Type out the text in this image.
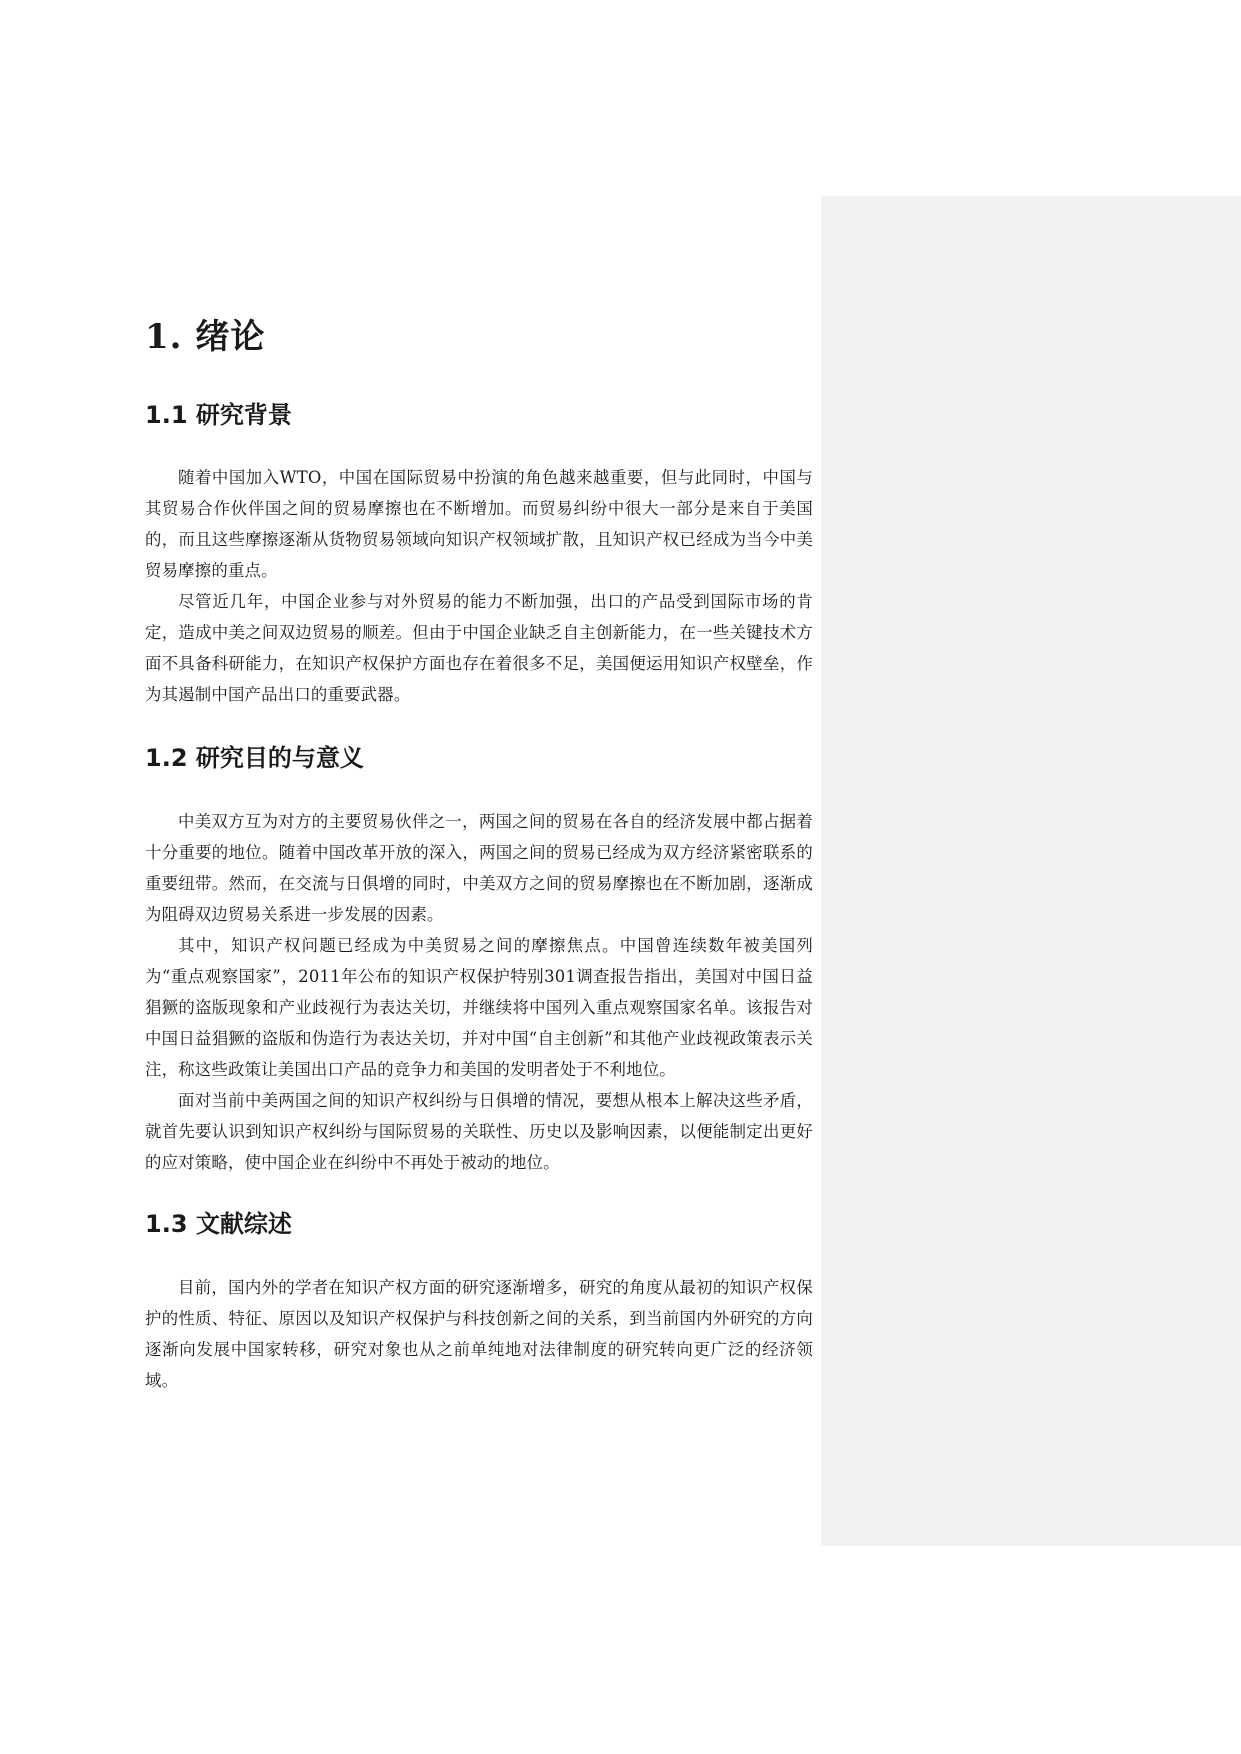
1. 绪论
1.1 研究背景

随着中国加入WTO，中国在国际贸易中扮演的角色越来越重要，但与此同时，中国与其贸易合作伙伴国之间的贸易摩擦也在不断增加。而贸易纠纷中很大一部分是来自于美国的，而且这些摩擦逐渐从货物贸易领域向知识产权领域扩散，且知识产权已经成为当今中美贸易摩擦的重点。

尽管近几年，中国企业参与对外贸易的能力不断加强，出口的产品受到国际市场的肯定，造成中美之间双边贸易的顺差。但由于中国企业缺乏自主创新能力，在一些关键技术方面不具备科研能力，在知识产权保护方面也存在着很多不足，美国便运用知识产权壁垒，作为其遏制中国产品出口的重要武器。

1.2 研究目的与意义

中美双方互为对方的主要贸易伙伴之一，两国之间的贸易在各自的经济发展中都占据着十分重要的地位。随着中国改革开放的深入，两国之间的贸易已经成为双方经济紧密联系的重要纽带。然而，在交流与日俱增的同时，中美双方之间的贸易摩擦也在不断加剧，逐渐成为阻碍双边贸易关系进一步发展的因素。

其中，知识产权问题已经成为中美贸易之间的摩擦焦点。中国曾连续数年被美国列为“重点观察国家”，2011年公布的知识产权保护特别301调查报告指出，美国对中国日益猖獗的盗版现象和产业歧视行为表达关切，并继续将中国列入重点观察国家名单。该报告对中国日益猖獗的盗版和伪造行为表达关切，并对中国“自主创新”和其他产业歧视政策表示关注，称这些政策让美国出口产品的竞争力和美国的发明者处于不利地位。

面对当前中美两国之间的知识产权纠纷与日俱增的情况，要想从根本上解决这些矛盾，就首先要认识到知识产权纠纷与国际贸易的关联性、历史以及影响因素，以便能制定出更好的应对策略，使中国企业在纠纷中不再处于被动的地位。

1.3 文献综述

目前，国内外的学者在知识产权方面的研究逐渐增多，研究的角度从最初的知识产权保护的性质、特征、原因以及知识产权保护与科技创新之间的关系，到当前国内外研究的方向逐渐向发展中国家转移，研究对象也从之前单纯地对法律制度的研究转向更广泛的经济领域。
